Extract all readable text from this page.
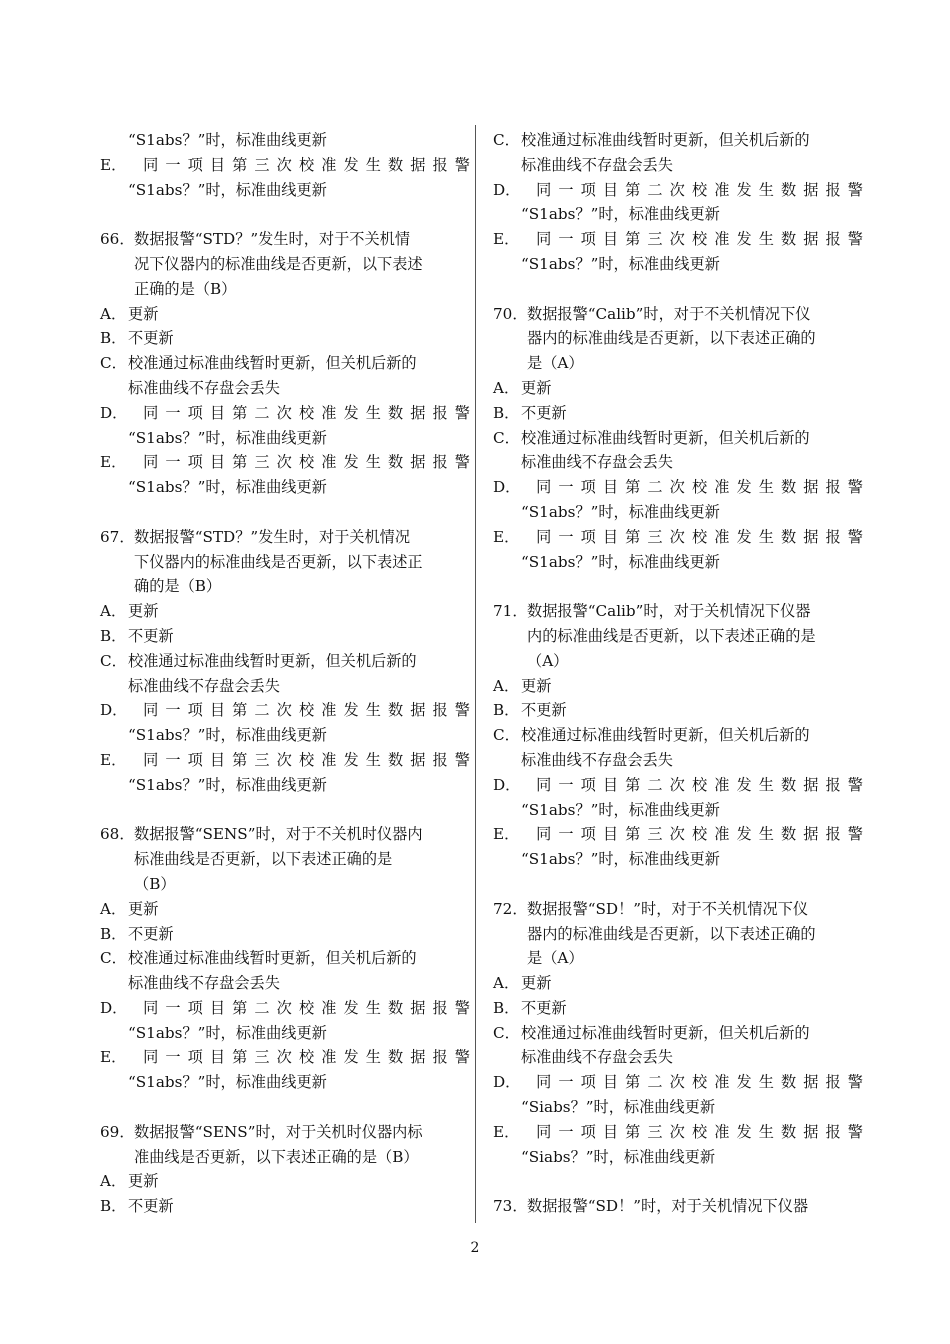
“S1abs？”时，标准曲线更新
E．	同 一 项 目 第 三 次 校 准 发 生 数 据 报 警
“S1abs？”时，标准曲线更新
66． 数据报警“STD？”发生时，对于不关机情
况下仪器内的标准曲线是否更新，以下表述
正确的是（B）
A． 更新
B． 不更新
C．校准通过标准曲线暂时更新，但关机后新的
标准曲线不存盘会丢失
D．	同 一 项 目 第 二 次 校 准 发 生 数 据 报 警
“S1abs？”时，标准曲线更新
E．	同 一 项 目 第 三 次 校 准 发 生 数 据 报 警
“S1abs？”时，标准曲线更新
67． 数据报警“STD？”发生时，对于关机情况
下仪器内的标准曲线是否更新，以下表述正
确的是（B）
A． 更新
B． 不更新
C．校准通过标准曲线暂时更新，但关机后新的
标准曲线不存盘会丢失
D．	同 一 项 目 第 二 次 校 准 发 生 数 据 报 警
“S1abs？”时，标准曲线更新
E．	同 一 项 目 第 三 次 校 准 发 生 数 据 报 警
“S1abs？”时，标准曲线更新
68． 数据报警“SENS”时，对于不关机时仪器内
标准曲线是否更新，以下表述正确的是
（B）
A． 更新
B． 不更新
C．校准通过标准曲线暂时更新，但关机后新的
标准曲线不存盘会丢失
D．	同 一 项 目 第 二 次 校 准 发 生 数 据 报 警
“S1abs？”时，标准曲线更新
E．	同 一 项 目 第 三 次 校 准 发 生 数 据 报 警
“S1abs？”时，标准曲线更新
69． 数据报警“SENS”时，对于关机时仪器内标
准曲线是否更新，以下表述正确的是（B）
A． 更新
B． 不更新
C．校准通过标准曲线暂时更新，但关机后新的
标准曲线不存盘会丢失
D．	同 一 项 目 第 二 次 校 准 发 生 数 据 报 警
“S1abs？”时，标准曲线更新
E．	同 一 项 目 第 三 次 校 准 发 生 数 据 报 警
“S1abs？”时，标准曲线更新
70． 数据报警“Calib”时，对于不关机情况下仪
器内的标准曲线是否更新，以下表述正确的
是（A）
A． 更新
B． 不更新
C．校准通过标准曲线暂时更新，但关机后新的
标准曲线不存盘会丢失
D．	同 一 项 目 第 二 次 校 准 发 生 数 据 报 警
“S1abs？”时，标准曲线更新
E．	同 一 项 目 第 三 次 校 准 发 生 数 据 报 警
“S1abs？”时，标准曲线更新
71． 数据报警“Calib”时，对于关机情况下仪器
内的标准曲线是否更新，以下表述正确的是
（A）
A． 更新
B． 不更新
C．校准通过标准曲线暂时更新，但关机后新的
标准曲线不存盘会丢失
D．	同 一 项 目 第 二 次 校 准 发 生 数 据 报 警
“S1abs？”时，标准曲线更新
E．	同 一 项 目 第 三 次 校 准 发 生 数 据 报 警
“S1abs？”时，标准曲线更新
72． 数据报警“SD！”时，对于不关机情况下仪
器内的标准曲线是否更新，以下表述正确的
是（A）
A． 更新
B． 不更新
C．校准通过标准曲线暂时更新，但关机后新的
标准曲线不存盘会丢失
D．	同 一 项 目 第 二 次 校 准 发 生 数 据 报 警
“Siabs？”时，标准曲线更新
E．	同 一 项 目 第 三 次 校 准 发 生 数 据 报 警
“Siabs？”时，标准曲线更新
73． 数据报警“SD！”时，对于关机情况下仪器
2
